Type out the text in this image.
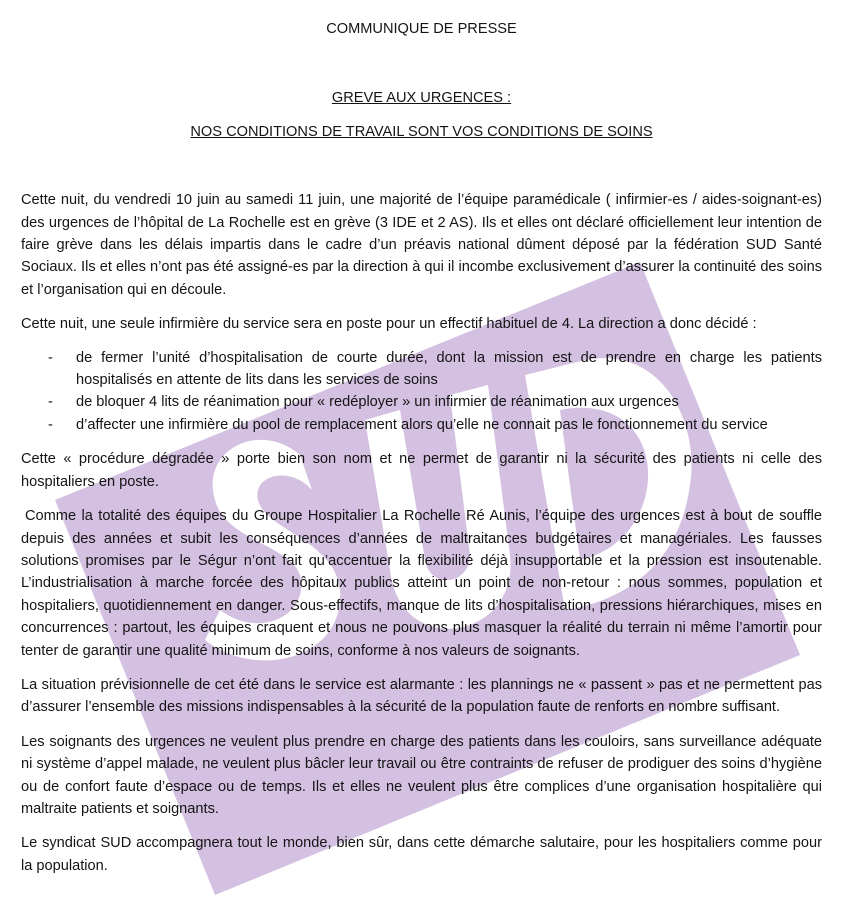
COMMUNIQUE DE PRESSE

GREVE AUX URGENCES :

NOS CONDITIONS DE TRAVAIL SONT VOS CONDITIONS DE SOINS

Cette nuit, du vendredi 10 juin au samedi 11 juin, une majorité de l’équipe paramédicale ( infirmier-es / aides-soignant-es) des urgences de l’hôpital de La Rochelle est en grève (3 IDE et 2 AS). Ils et elles ont déclaré officiellement leur intention de faire grève dans les délais impartis dans le cadre d’un préavis national dûment déposé par la fédération SUD Santé Sociaux. Ils et elles n’ont pas été assigné-es par la direction à qui il incombe exclusivement d’assurer la continuité des soins et l’organisation qui en découle.

Cette nuit, une seule infirmière du service sera en poste pour un effectif habituel de 4. La direction a donc décidé :

- de fermer l’unité d’hospitalisation de courte durée, dont la mission est de prendre en charge les patients hospitalisés en attente de lits dans les services de soins
- de bloquer 4 lits de réanimation pour « redéployer » un infirmier de réanimation aux urgences
- d’affecter une infirmière du pool de remplacement alors qu’elle ne connait pas le fonctionnement du service

Cette « procédure dégradée » porte bien son nom et ne permet de garantir ni la sécurité des patients ni celle des hospitaliers en poste.

Comme la totalité des équipes du Groupe Hospitalier La Rochelle Ré Aunis, l’équipe des urgences est à bout de souffle depuis des années et subit les conséquences d’années de maltraitances budgétaires et managériales. Les fausses solutions promises par le Ségur n’ont fait qu’accentuer la flexibilité déjà insupportable et la pression est insoutenable. L’industrialisation à marche forcée des hôpitaux publics atteint un point de non-retour : nous sommes, population et hospitaliers, quotidiennement en danger. Sous-effectifs, manque de lits d’hospitalisation, pressions hiérarchiques, mises en concurrences : partout, les équipes craquent et nous ne pouvons plus masquer la réalité du terrain ni même l’amortir pour tenter de garantir une qualité minimum de soins, conforme à nos valeurs de soignants.

La situation prévisionnelle de cet été dans le service est alarmante : les plannings ne « passent » pas et ne permettent pas d’assurer l’ensemble des missions indispensables à la sécurité de la population faute de renforts en nombre suffisant.

Les soignants des urgences ne veulent plus prendre en charge des patients dans les couloirs, sans surveillance adéquate ni système d’appel malade, ne veulent plus bâcler leur travail ou être contraints de refuser de prodiguer des soins d’hygiène ou de confort faute d’espace ou de temps. Ils et elles ne veulent plus être complices d’une organisation hospitalière qui maltraite patients et soignants.

Le syndicat SUD accompagnera tout le monde, bien sûr, dans cette démarche salutaire, pour les hospitaliers comme pour la population.
